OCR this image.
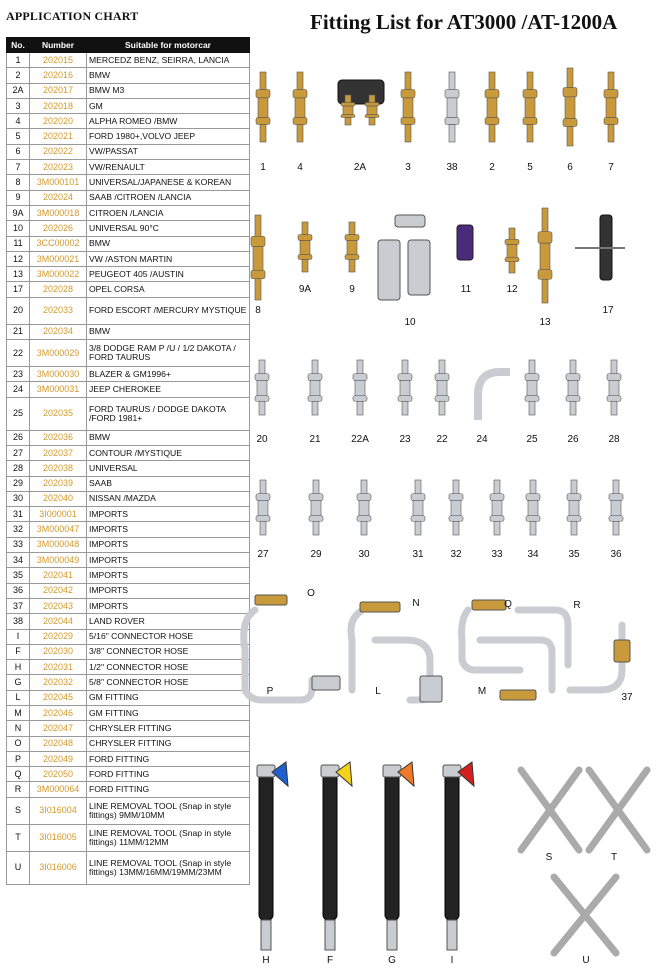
APPLICATION CHART	Fitting List for AT3000 /AT-1200A
No.	Number	Suitable for motorcar
1	202015	MERCEDZ BENZ, SEIRRA, LANCIA
2	202016	BMW
2A	202017	BMW M3
3	202018	GM
4	202020	ALPHA ROMEO /BMW
5	202021	FORD 1980+,VOLVO JEEP
6	202022	VW/PASSAT
7	202023	VW/RENAULT
8	3M000101	UNIVERSAL/JAPANESE & KOREAN
9	202024	SAAB /CITROEN /LANCIA
9A	3M000018	CITROEN /LANCIA
10	202026	UNIVERSAL 90°C
11	3CC00002	BMW
12	3M000021	VW /ASTON MARTIN
13	3M000022	PEUGEOT 405 /AUSTIN
17	202028	OPEL CORSA
20	202033	FORD ESCORT /MERCURY MYSTIQUE
21	202034	BMW
22	3M000029	3/8 DODGE RAM P /U / 1/2 DAKOTA / FORD TAURUS
23	3M000030	BLAZER & GM1996+
24	3M000031	JEEP CHEROKEE
25	202035	FORD TAURUS / DODGE DAKOTA /FORD 1981+
26	202036	BMW
27	202037	CONTOUR /MYSTIQUE
28	202038	UNIVERSAL
29	202039	SAAB
30	202040	NISSAN /MAZDA
31	3I000001	IMPORTS
32	3M000047	IMPORTS
33	3M000048	IMPORTS
34	3M000049	IMPORTS
35	202041	IMPORTS
36	202042	IMPORTS
37	202043	IMPORTS
38	202044	LAND ROVER
I	202029	5/16" CONNECTOR HOSE
F	202030	3/8" CONNECTOR HOSE
H	202031	1/2" CONNECTOR HOSE
G	202032	5/8" CONNECTOR HOSE
L	202045	GM FITTING
M	202046	GM FITTING
N	202047	CHRYSLER FITTING
O	202048	CHRYSLER FITTING
P	202049	FORD FITTING
Q	202050	FORD FITTING
R	3M000064	FORD FITTING
S	3I016004	LINE REMOVAL TOOL (Snap in style fittings) 9MM/10MM
T	3I016005	LINE REMOVAL TOOL (Snap in style fittings) 11MM/12MM
U	3I016006	LINE REMOVAL TOOL (Snap in style fittings) 13MM/16MM/19MM/23MM
1	4	2A	3	38	2	5	6	7
8
9A	9
10
11	12
13
17
20	21	22A	23	22	24	25	26	28
27	29	30	31	32	33 34	35	36
O
P
N
L
Q
M
R
37
H	F	G	I
S	T
U
